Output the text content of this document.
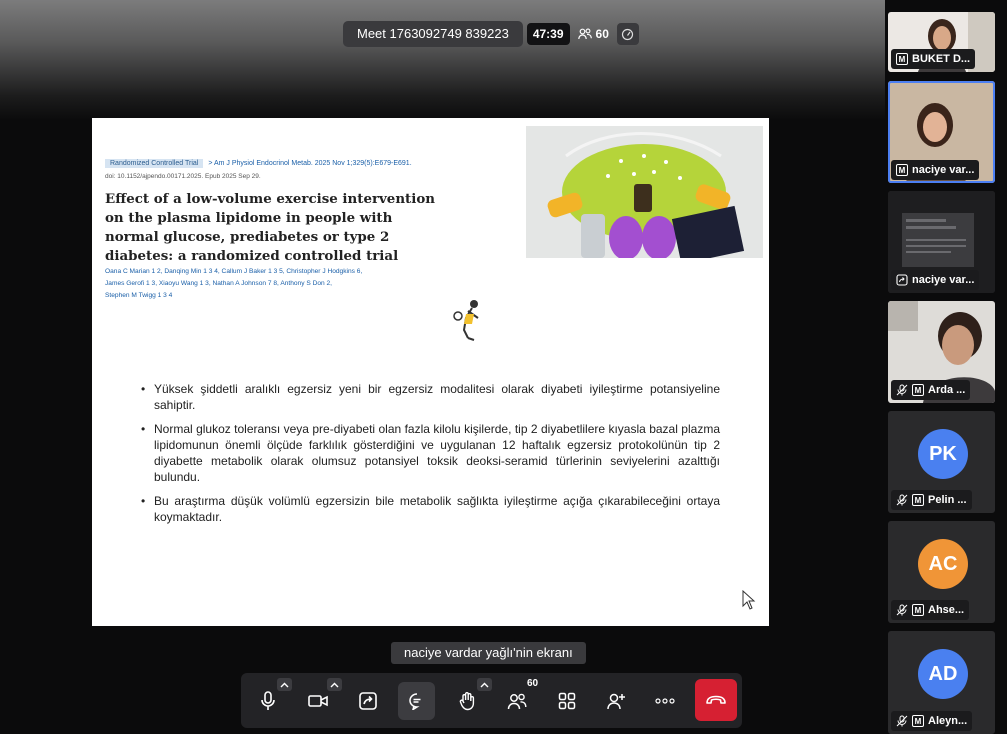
Meet 1763092749 839223	47:39	60
Randomized Controlled Trial	> Am J Physiol Endocrinol Metab. 2025 Nov 1;329(5):E679-E691.
doi: 10.1152/ajpendo.00171.2025. Epub 2025 Sep 29.
Effect of a low-volume exercise intervention on the plasma lipidome in people with normal glucose, prediabetes or type 2 diabetes: a randomized controlled trial
Oana C Marian 1 2, Danqing Min 1 3 4, Callum J Baker 1 3 5, Christopher J Hodgkins 6,
James Gerofi 1 3, Xiaoyu Wang 1 3, Nathan A Johnson 7 8, Anthony S Don 2,
Stephen M Twigg 1 3 4
• Yüksek şiddetli aralıklı egzersiz yeni bir egzersiz modalitesi olarak diyabeti iyileştirme potansiyeline sahiptir.
• Normal glukoz toleransı veya pre-diyabeti olan fazla kilolu kişilerde, tip 2 diyabetlilere kıyasla bazal plazma lipidomunun önemli ölçüde farklılık gösterdiğini ve uygulanan 12 haftalık egzersiz protokolünün tip 2 diyabette metabolik olarak olumsuz potansiyel toksik deoksi-seramid türlerinin seviyelerini azalttığı bulundu.
• Bu araştırma düşük volümlü egzersizin bile metabolik sağlıkta iyileştirme açığa çıkarabileceğini ortaya koymaktadır.
naciye vardar yağlı'nin ekranı
60
M BUKET D...
M naciye var...
naciye var...
M Arda ...
PK
M Pelin ...
AC
M Ahse...
AD
M Aleyn...
